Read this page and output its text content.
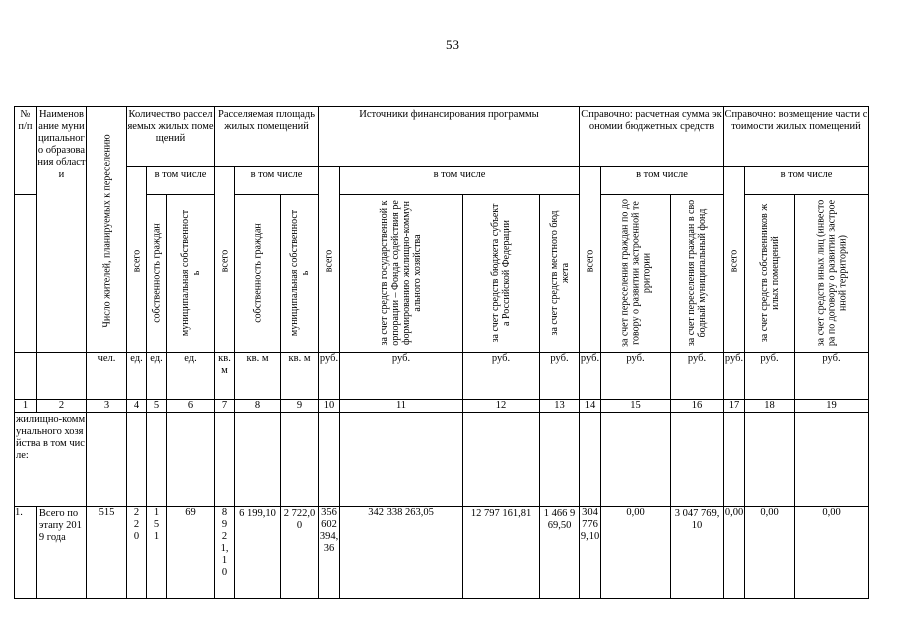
53
№ п/п	Наименование муниципального образования области	Число жителей, планируемых к переселению	Количество расселяемых жилых помещений			Расселяемая площадь жилых помещений			Источники финансирования программы				Справочно: расчетная сумма экономии бюджетных средств			Справочно: возмещение части стоимости жилых помещений		

			всего	в том числе		всего	в том числе		всего	в том числе			всего	в том числе		всего	в том числе	

				собственность граждан	муниципальная собственность		собственность граждан	муниципальная собственность		за счет средств государственной корпорации – Фонда содействия реформированию жилищно-коммунального хозяйства	за счет средств бюджета субъекта Российской Федерации	за счет средств местного бюджета		за счет переселения граждан по договору о развитии застроенной территории	за счет переселения граждан в свободный муниципальный фонд		за счет средств собственников жилых помещений	за счет средств иных лиц (инвестора по договору о развитии застроенной территории)

		чел.	ед.	ед.	ед.	кв.м	кв. м	кв. м	руб.	руб.	руб.	руб.	руб.	руб.	руб.	руб.	руб.	руб.
1	2	3	4	5	6	7	8	9	10	11	12	13	14	15	16	17	18	19

жилищно-коммунального хозяйства в том числе:																		

1.	Всего по этапу 2019 года	515	220	151	69	8921,10	6 199,10	2 722,00	356602394,36	342 338 263,05	12 797 161,81	1 466 969,50	3047769,10	0,00	3 047 769,10	0,00	0,00	0,00
